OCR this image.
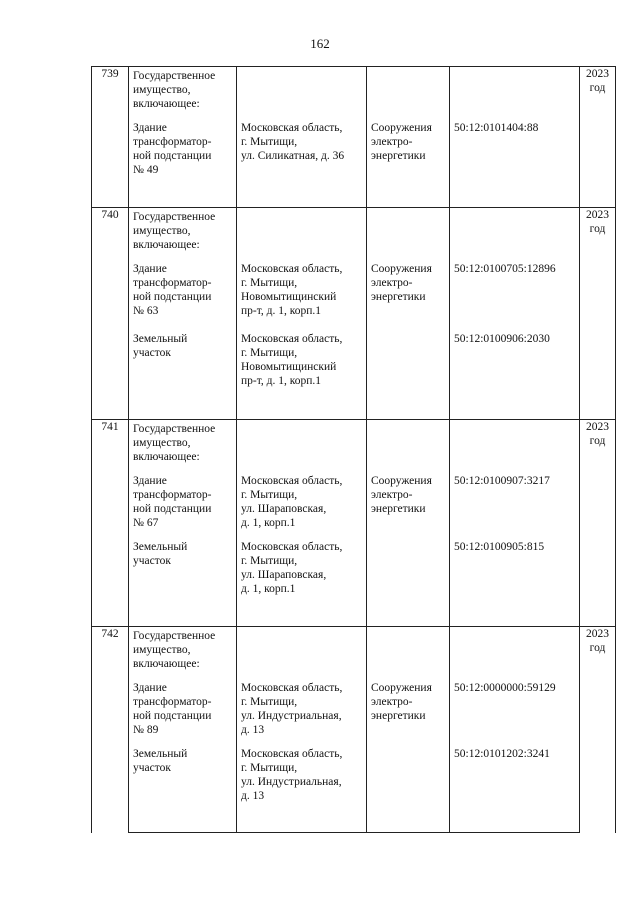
162
739	Государственное
имущество,
включающее:				2023
год

	Здание
трансформатор-
ной подстанции
№ 49	Московская область,
г. Мытищи,
ул. Силикатная, д. 36	Сооружения
электро-
энергетики	50:12:0101404:88	
740	Государственное
имущество,
включающее:				2023
год

	Здание
трансформатор-
ной подстанции
№ 63	Московская область,
г. Мытищи,
Новомытищинский
пр-т, д. 1, корп.1	Сооружения
электро-
энергетики	50:12:0100705:12896	

	Земельный
участок	Московская область,
г. Мытищи,
Новомытищинский
пр-т, д. 1, корп.1		50:12:0100906:2030	
741	Государственное
имущество,
включающее:				2023
год

	Здание
трансформатор-
ной подстанции
№ 67	Московская область,
г. Мытищи,
ул. Шараповская,
д. 1, корп.1	Сооружения
электро-
энергетики	50:12:0100907:3217	

	Земельный
участок	Московская область,
г. Мытищи,
ул. Шараповская,
д. 1, корп.1		50:12:0100905:815	
742	Государственное
имущество,
включающее:				2023
год

	Здание
трансформатор-
ной подстанции
№ 89	Московская область,
г. Мытищи,
ул. Индустриальная,
д. 13	Сооружения
электро-
энергетики	50:12:0000000:59129	

	Земельный
участок	Московская область,
г. Мытищи,
ул. Индустриальная,
д. 13		50:12:0101202:3241	
